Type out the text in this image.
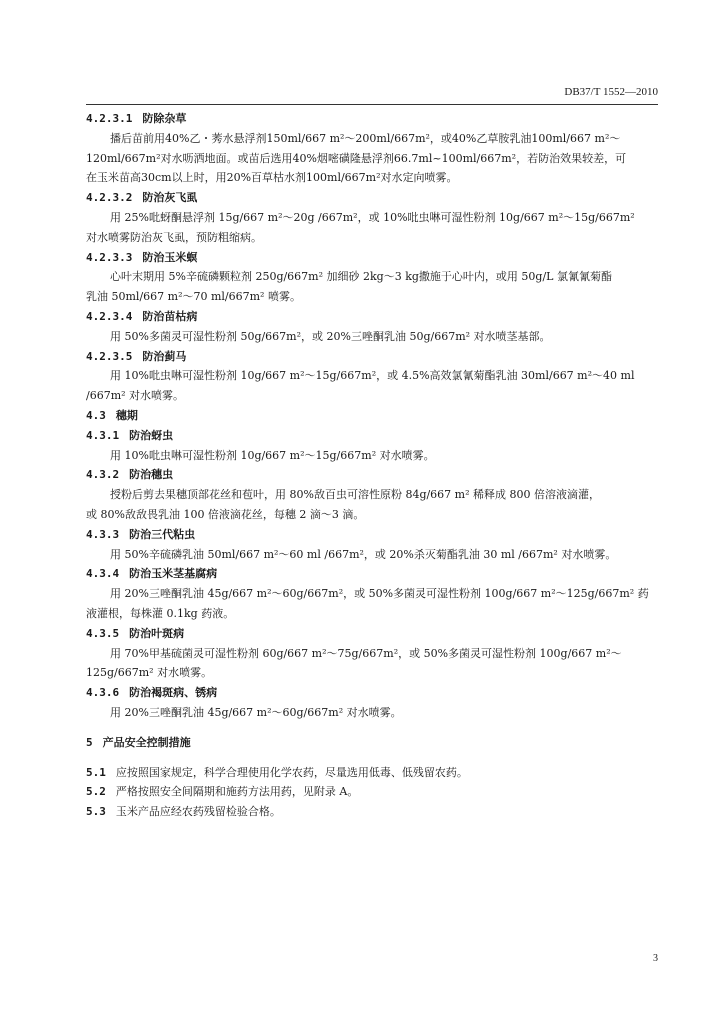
DB37/T 1552—2010
4.2.3.1 防除杂草
播后苗前用40%乙・莠水悬浮剂150ml/667 m²～200ml/667m²，或40%乙草胺乳油100ml/667 m²～
120ml/667m²对水呖洒地面。或苗后选用40%烟嘧磺隆悬浮剂66.7ml~100ml/667m²，若防治效果较差，可
在玉米苗高30cm以上时，用20%百草枯水剂100ml/667m²对水定向喷雾。
4.2.3.2 防治灰飞虱
用 25%吡蚜酮悬浮剂 15g/667 m²～20g /667m²，或 10%吡虫啉可湿性粉剂 10g/667 m²～15g/667m²
对水喷雾防治灰飞虱，预防粗缩病。
4.2.3.3 防治玉米螟
心叶末期用 5%辛硫磷颗粒剂 250g/667m² 加细砂 2kg～3 kg撒施于心叶内，或用 50g/L 氯氰氰菊酯
乳油 50ml/667 m²～70 ml/667m² 喷雾。
4.2.3.4 防治苗枯病
用 50%多菌灵可湿性粉剂 50g/667m²，或 20%三唑酮乳油 50g/667m² 对水喷茎基部。
4.2.3.5 防治蓟马
用 10%吡虫啉可湿性粉剂 10g/667 m²～15g/667m²，或 4.5%高效氯氰菊酯乳油 30ml/667 m²～40 ml
/667m² 对水喷雾。
4.3 穗期
4.3.1 防治蚜虫
用 10%吡虫啉可湿性粉剂 10g/667 m²～15g/667m² 对水喷雾。
4.3.2 防治穗虫
授粉后剪去果穗顶部花丝和苞叶，用 80%敌百虫可溶性原粉 84g/667 m² 稀释成 800 倍溶液滴灌，
或 80%敌敌畏乳油 100 倍液滴花丝，每穗 2 滴～3 滴。
4.3.3 防治三代粘虫
用 50%辛硫磷乳油 50ml/667 m²～60 ml /667m²，或 20%杀灭菊酯乳油 30 ml /667m² 对水喷雾。
4.3.4 防治玉米茎基腐病
用 20%三唑酮乳油 45g/667 m²～60g/667m²，或 50%多菌灵可湿性粉剂 100g/667 m²～125g/667m² 药
液灌根，每株灌 0.1kg 药液。
4.3.5 防治叶斑病
用 70%甲基硫菌灵可湿性粉剂 60g/667 m²～75g/667m²，或 50%多菌灵可湿性粉剂 100g/667 m²～
125g/667m² 对水喷雾。
4.3.6 防治褐斑病、锈病
用 20%三唑酮乳油 45g/667 m²～60g/667m² 对水喷雾。
5 产品安全控制措施
5.1 应按照国家规定，科学合理使用化学农药，尽量选用低毒、低残留农药。
5.2 严格按照安全间隔期和施药方法用药，见附录 A。
5.3 玉米产品应经农药残留检验合格。
3
